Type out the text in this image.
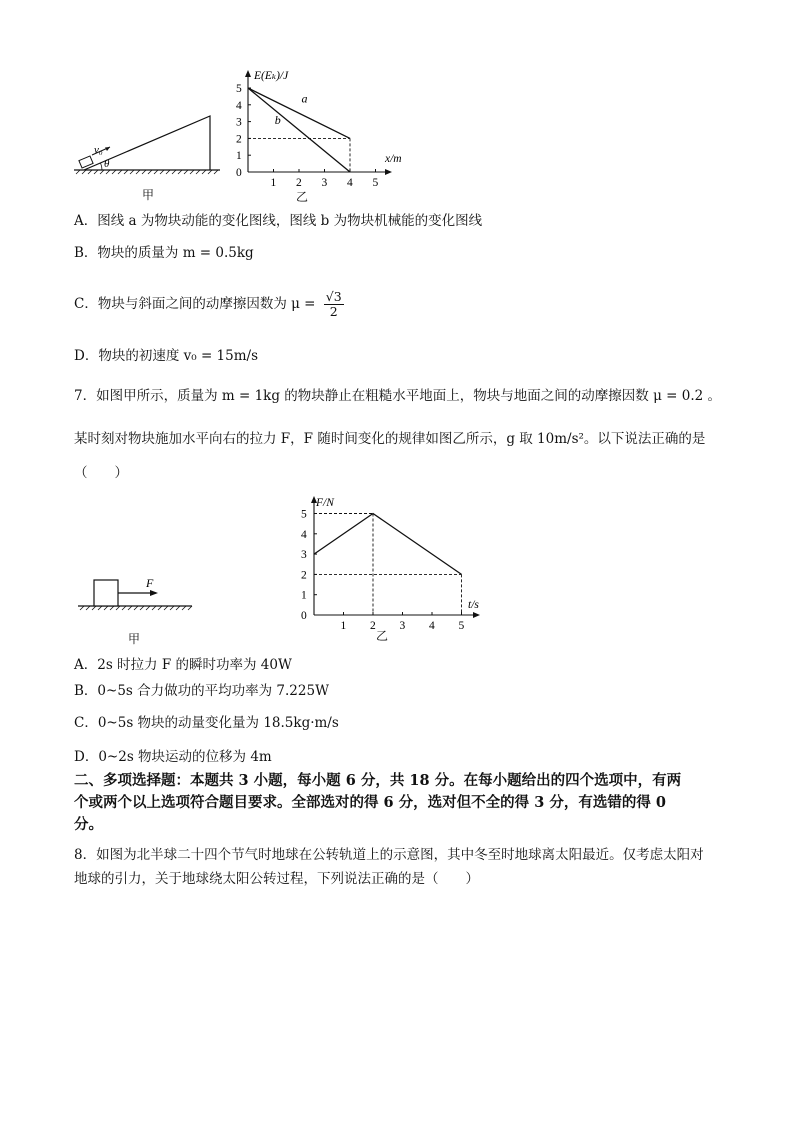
v₀
θ
甲
E(Eₖ)/J
x/m
0
1
2
3
4
5
1 2 3 4 5
a
b
乙
A．图线 a 为物块动能的变化图线，图线 b 为物块机械能的变化图线
B．物块的质量为 m = 0.5kg
C．物块与斜面之间的动摩擦因数为 $\mu = \frac{√3}{2}$
D．物块的初速度 v₀ = 15m/s
7．如图甲所示，质量为 m = 1kg 的物块静止在粗糙水平地面上，物块与地面之间的动摩擦因数 μ = 0.2 。
某时刻对物块施加水平向右的拉力 F，F 随时间变化的规律如图乙所示，g 取 10m/s²。以下说法正确的是
（　　）
F
甲
F/N
t/s
0
1
2
3
4
5
1 2 3 4 5
乙
A．2s 时拉力 F 的瞬时功率为 40W
B．0~5s 合力做功的平均功率为 7.225W
C．0~5s 物块的动量变化量为 18.5kg·m/s
D．0~2s 物块运动的位移为 4m
二、多项选择题：本题共 3 小题，每小题 6 分，共 18 分。在每小题给出的四个选项中，有两
个或两个以上选项符合题目要求。全部选对的得 6 分，选对但不全的得 3 分，有选错的得 0
分。
8．如图为北半球二十四个节气时地球在公转轨道上的示意图，其中冬至时地球离太阳最近。仅考虑太阳对
地球的引力，关于地球绕太阳公转过程，下列说法正确的是（　　）
